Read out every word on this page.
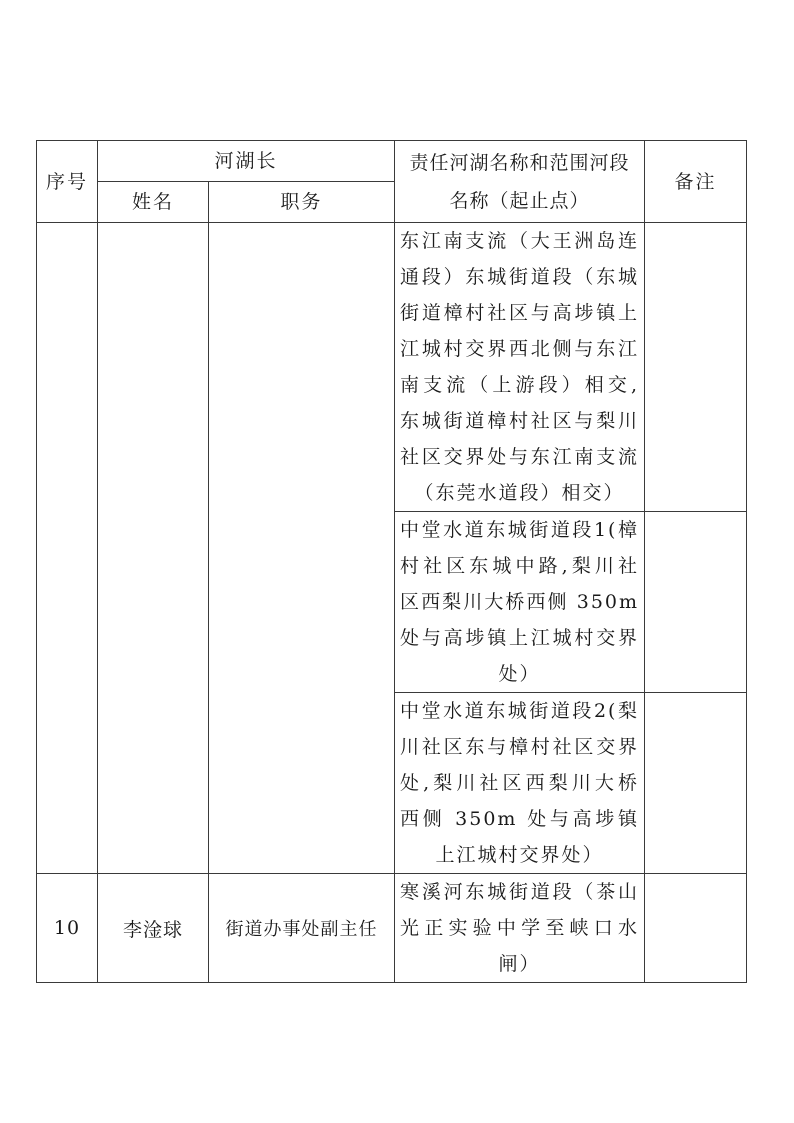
序号	河湖长		责任河湖名称和范围河段名称（起止点）	备注
	姓名	职务		

			东江南支流（大王洲岛连通段）东城街道段（东城街道樟村社区与高埗镇上江城村交界西北侧与东江南支流（上游段）相交,东城街道樟村社区与梨川社区交界处与东江南支流（东莞水道段）相交）	

			中堂水道东城街道段1(樟村社区东城中路,梨川社区西梨川大桥西侧 350m 处与高埗镇上江城村交界处）	

			中堂水道东城街道段2(梨川社区东与樟村社区交界处,梨川社区西梨川大桥西侧 350m 处与高埗镇上江城村交界处）	

10	李淦球	街道办事处副主任	寒溪河东城街道段（茶山光正实验中学至峡口水闸）	
